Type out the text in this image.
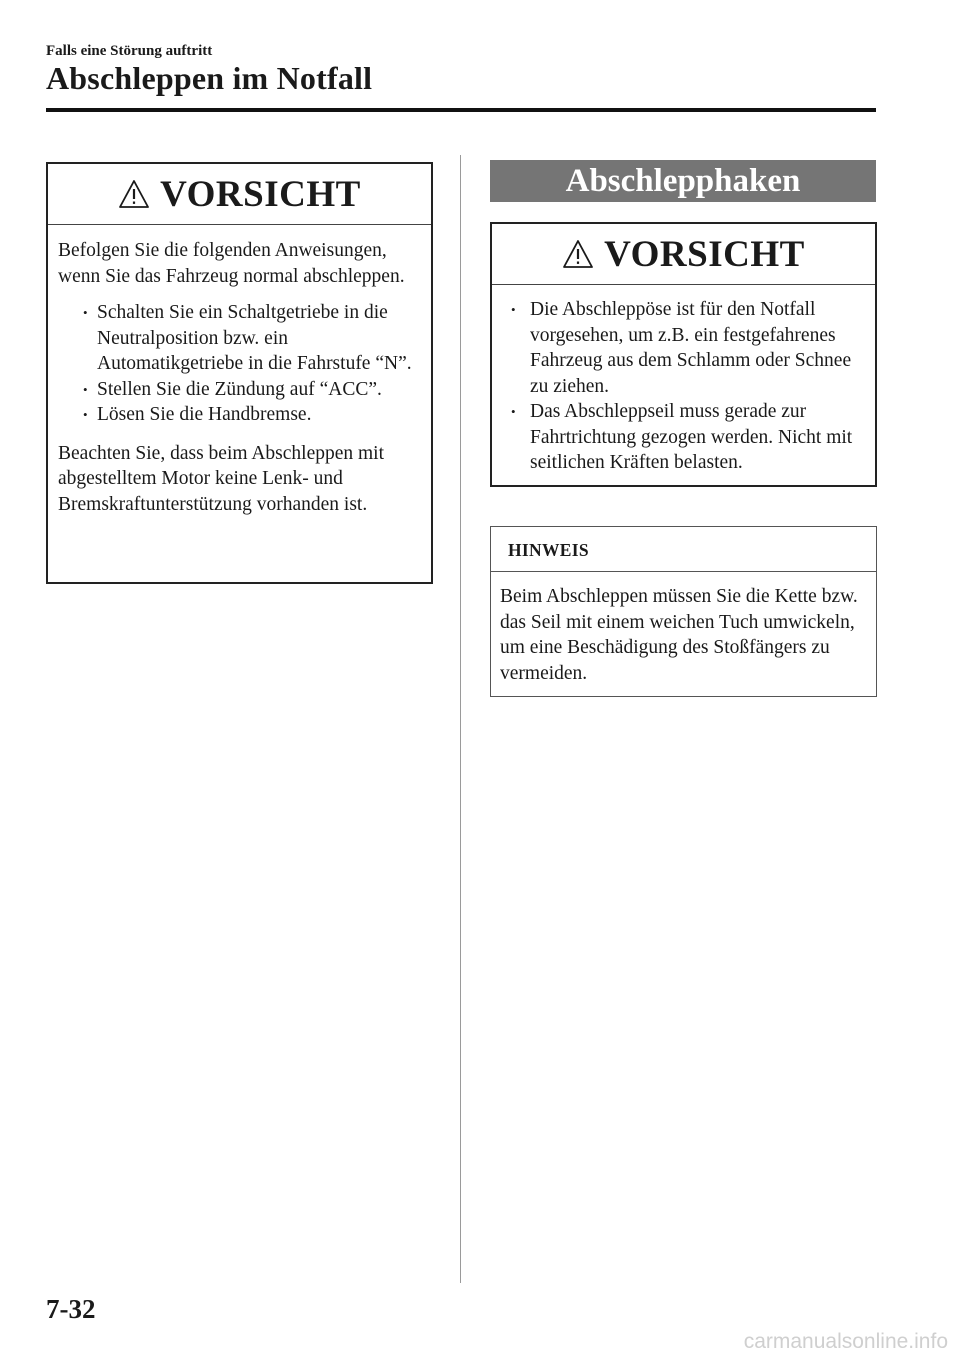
Falls eine Störung auftritt
Abschleppen im Notfall
VORSICHT

Befolgen Sie die folgenden Anweisungen, wenn Sie das Fahrzeug normal abschleppen.

• Schalten Sie ein Schaltgetriebe in die Neutralposition bzw. ein Automatikgetriebe in die Fahrstufe “N”.
• Stellen Sie die Zündung auf “ACC”.
• Lösen Sie die Handbremse.

Beachten Sie, dass beim Abschleppen mit abgestelltem Motor keine Lenk- und Bremskraftunterstützung vorhanden ist.

Abschlepphaken
VORSICHT
• Die Abschleppöse ist für den Notfall vorgesehen, um z.B. ein festgefahrenes Fahrzeug aus dem Schlamm oder Schnee zu ziehen.
• Das Abschleppseil muss gerade zur Fahrtrichtung gezogen werden. Nicht mit seitlichen Kräften belasten.
HINWEIS

Beim Abschleppen müssen Sie die Kette bzw. das Seil mit einem weichen Tuch umwickeln, um eine Beschädigung des Stoßfängers zu vermeiden.

7-32
carmanualsonline.info
